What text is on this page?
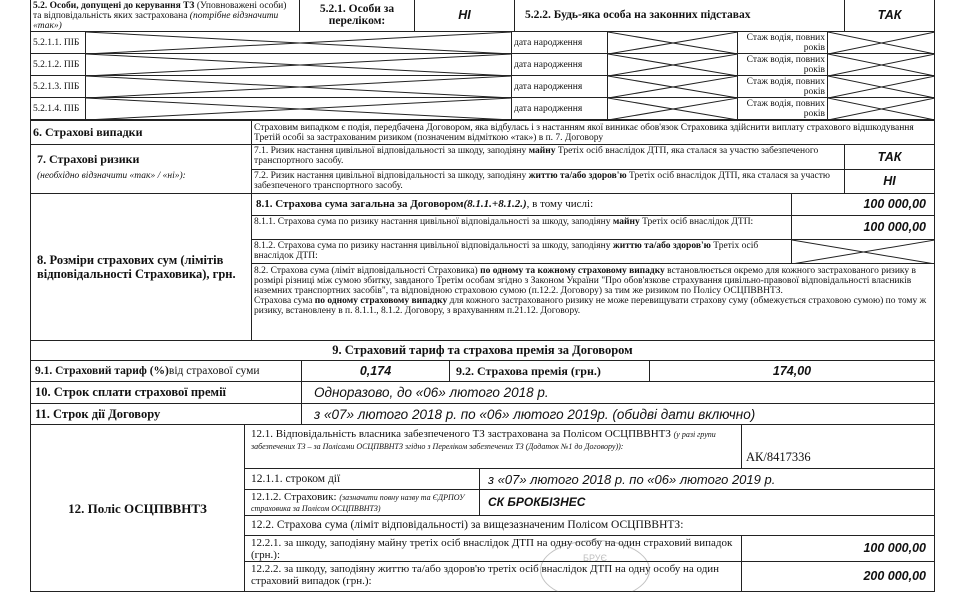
5.2. Особи, допущені до керування ТЗ (Уповноважені особи) та відповідальність яких застрахована (потрібне відзначити «так»)
5.2.1. Особи за переліком:	НІ	5.2.2. Будь-яка особа на законних підставах	ТАК
5.2.1.1. ПІБ	дата народження	Стаж водія, повних років
5.2.1.2. ПІБ	дата народження	Стаж водія, повних років
5.2.1.3. ПІБ	дата народження	Стаж водія, повних років
5.2.1.4. ПІБ	дата народження	Стаж водія, повних років
6. Страхові випадки	Страховим випадком є подія, передбачена Договором, яка відбулась і з настанням якої виникає обов'язок Страховика здійснити виплату страхового відшкодування Третій особі за застрахованим ризиком (позначеним відміткою «так») в п. 7. Договору
7. Страхові ризики
(необхідно відзначити «так» / «ні»):
7.1. Ризик настання цивільної відповідальності за шкоду, заподіяну майну Третіх осіб внаслідок ДТП, яка сталася за участю забезпеченого транспортного засобу.	ТАК
7.2. Ризик настання цивільної відповідальності за шкоду, заподіяну життю та/або здоров'ю Третіх осіб внаслідок ДТП, яка сталася за участю забезпеченого транспортного засобу.	НІ
8. Розміри страхових сум (лімітів відповідальності Страховика), грн.
8.1. Страхова сума загальна за Договором (8.1.1.+8.1.2.) , в тому числі:	100 000,00
8.1.1. Страхова сума по ризику настання цивільної відповідальності за шкоду, заподіяну майну Третіх осіб внаслідок ДТП:	100 000,00
8.1.2. Страхова сума по ризику настання цивільної відповідальності за шкоду, заподіяну життю та/або здоров'ю Третіх осіб внаслідок ДТП:
8.2. Страхова сума (ліміт відповідальності Страховика) по одному та кожному страховому випадку встановлюється окремо для кожного застрахованого ризику в розмірі різниці між сумою збитку, завданого Третім особам згідно з Законом України "Про обов'язкове страхування цивільно-правової відповідальності власників наземних транспортних засобів", та відповідною страховою сумою (п.12.2. Договору) за тим же ризиком по Полісу ОСЦПВВНТЗ.
Страхова сума по одному страховому випадку для кожного застрахованого ризику не може перевищувати страхову суму (обмежується страховою сумою) по тому ж ризику, встановлену в п. 8.1.1., 8.1.2. Договору, з врахуванням п.21.12. Договору.
9. Страховий тариф та страхова премія за Договором
9.1. Страховий тариф (%) від страхової суми	0,174	9.2. Страхова премія (грн.)	174,00
10. Строк сплати страхової премії	Одноразово, до «06» лютого 2018 р.
11. Строк дії Договору	з «07» лютого 2018 р. по «06» лютого 2019р. (обидві дати включно)
12. Поліс ОСЦПВВНТЗ
12.1. Відповідальність власника забезпеченого ТЗ застрахована за Полісом ОСЦПВВНТЗ (у разі групи забезпечених ТЗ – за Полісами ОСЦПВВНТЗ згідно з Переліком забезпечених ТЗ (Додаток №1 до Договору)):
АК/8417336
12.1.1. строком дії	з «07» лютого 2018 р. по «06» лютого 2019 р.
12.1.2. Страховик: (зазначити повну назву та ЄДРПОУ страховика за Полісом ОСЦПВВНТЗ)	СК БРОКБІЗНЕС
12.2. Страхова сума (ліміт відповідальності) за вищезазначеним Полісом ОСЦПВВНТЗ:
12.2.1. за шкоду, заподіяну майну третіх осіб внаслідок ДТП на одну особу на один страховий випадок (грн.):	100 000,00
12.2.2. за шкоду, заподіяну життю та/або здоров'ю третіх осіб внаслідок ДТП на одну особу на один страховий випадок (грн.):	200 000,00
БРУЄ
